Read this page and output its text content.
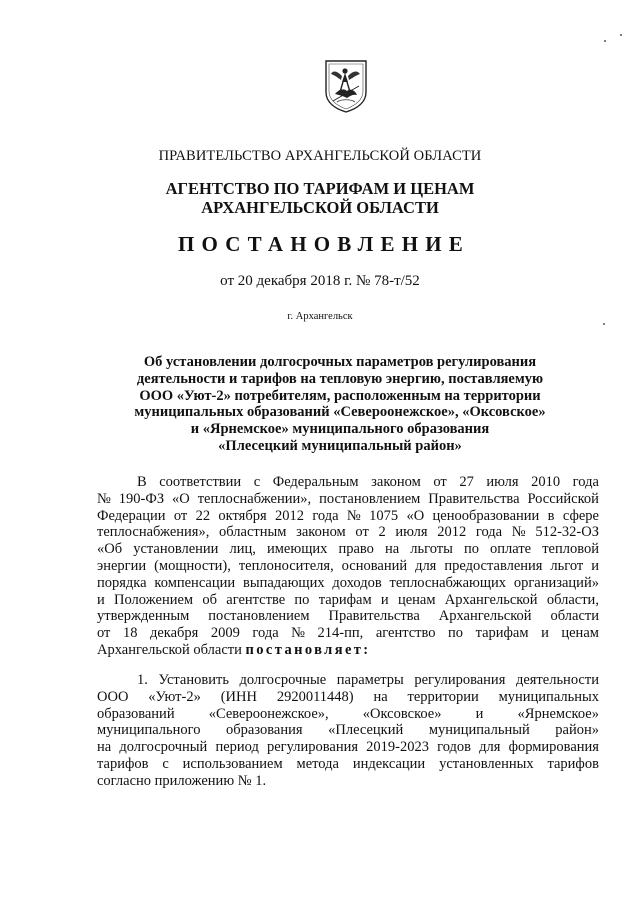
ПРАВИТЕЛЬСТВО АРХАНГЕЛЬСКОЙ ОБЛАСТИ
АГЕНТСТВО ПО ТАРИФАМ И ЦЕНАМ
АРХАНГЕЛЬСКОЙ ОБЛАСТИ
ПОСТАНОВЛЕНИЕ
от 20 декабря 2018 г. № 78-т/52
г. Архангельск
Об установлении долгосрочных параметров регулирования
деятельности и тарифов на тепловую энергию, поставляемую
ООО «Уют-2» потребителям, расположенным на территории
муниципальных образований «Североонежское», «Оксовское»
и «Ярнемское» муниципального образования
«Плесецкий муниципальный район»
В соответствии с Федеральным законом от 27 июля 2010 года
№ 190-ФЗ «О теплоснабжении», постановлением Правительства Российской
Федерации от 22 октября 2012 года № 1075 «О ценообразовании в сфере
теплоснабжения», областным законом от 2 июля 2012 года № 512-32-ОЗ
«Об установлении лиц, имеющих право на льготы по оплате тепловой
энергии (мощности), теплоносителя, оснований для предоставления льгот и
порядка компенсации выпадающих доходов теплоснабжающих организаций»
и Положением об агентстве по тарифам и ценам Архангельской области,
утвержденным постановлением Правительства Архангельской области
от 18 декабря 2009 года № 214-пп, агентство по тарифам и ценам
Архангельской области постановляет:
1. Установить долгосрочные параметры регулирования деятельности
ООО «Уют-2» (ИНН 2920011448) на территории муниципальных
образований «Североонежское», «Оксовское» и «Ярнемское»
муниципального образования «Плесецкий муниципальный район»
на долгосрочный период регулирования 2019-2023 годов для формирования
тарифов с использованием метода индексации установленных тарифов
согласно приложению № 1.
